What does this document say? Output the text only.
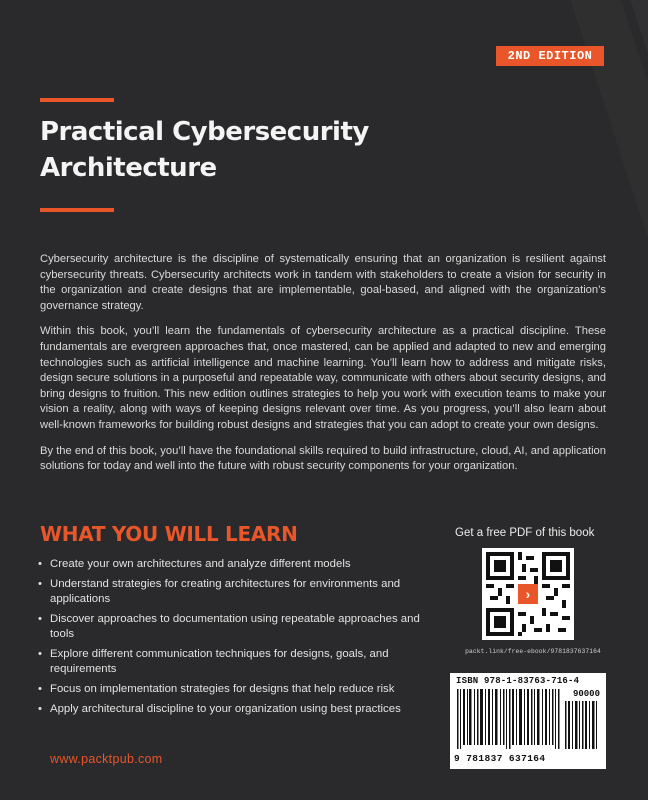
2ND EDITION
Practical Cybersecurity Architecture

Cybersecurity architecture is the discipline of systematically ensuring that an organization is resilient against cybersecurity threats. Cybersecurity architects work in tandem with stakeholders to create a vision for security in the organization and create designs that are implementable, goal-based, and aligned with the organization’s governance strategy.

Within this book, you’ll learn the fundamentals of cybersecurity architecture as a practical discipline. These fundamentals are evergreen approaches that, once mastered, can be applied and adapted to new and emerging technologies such as artificial intelligence and machine learning. You’ll learn how to address and mitigate risks, design secure solutions in a purposeful and repeatable way, communicate with others about security designs, and bring designs to fruition. This new edition outlines strategies to help you work with execution teams to make your vision a reality, along with ways of keeping designs relevant over time. As you progress, you’ll also learn about well-known frameworks for building robust designs and strategies that you can adopt to create your own designs.

By the end of this book, you’ll have the foundational skills required to build infrastructure, cloud, AI, and application solutions for today and well into the future with robust security components for your organization.

WHAT YOU WILL LEARN
• Create your own architectures and analyze different models
• Understand strategies for creating architectures for environments and applications
• Discover approaches to documentation using repeatable approaches and tools
• Explore different communication techniques for designs, goals, and requirements
• Focus on implementation strategies for designs that help reduce risk
• Apply architectural discipline to your organization using best practices
Get a free PDF of this book
›
packt.link/free-ebook/9781837637164
ISBN 978-1-83763-716-4
90000
9 781837 637164
www.packtpub.com
